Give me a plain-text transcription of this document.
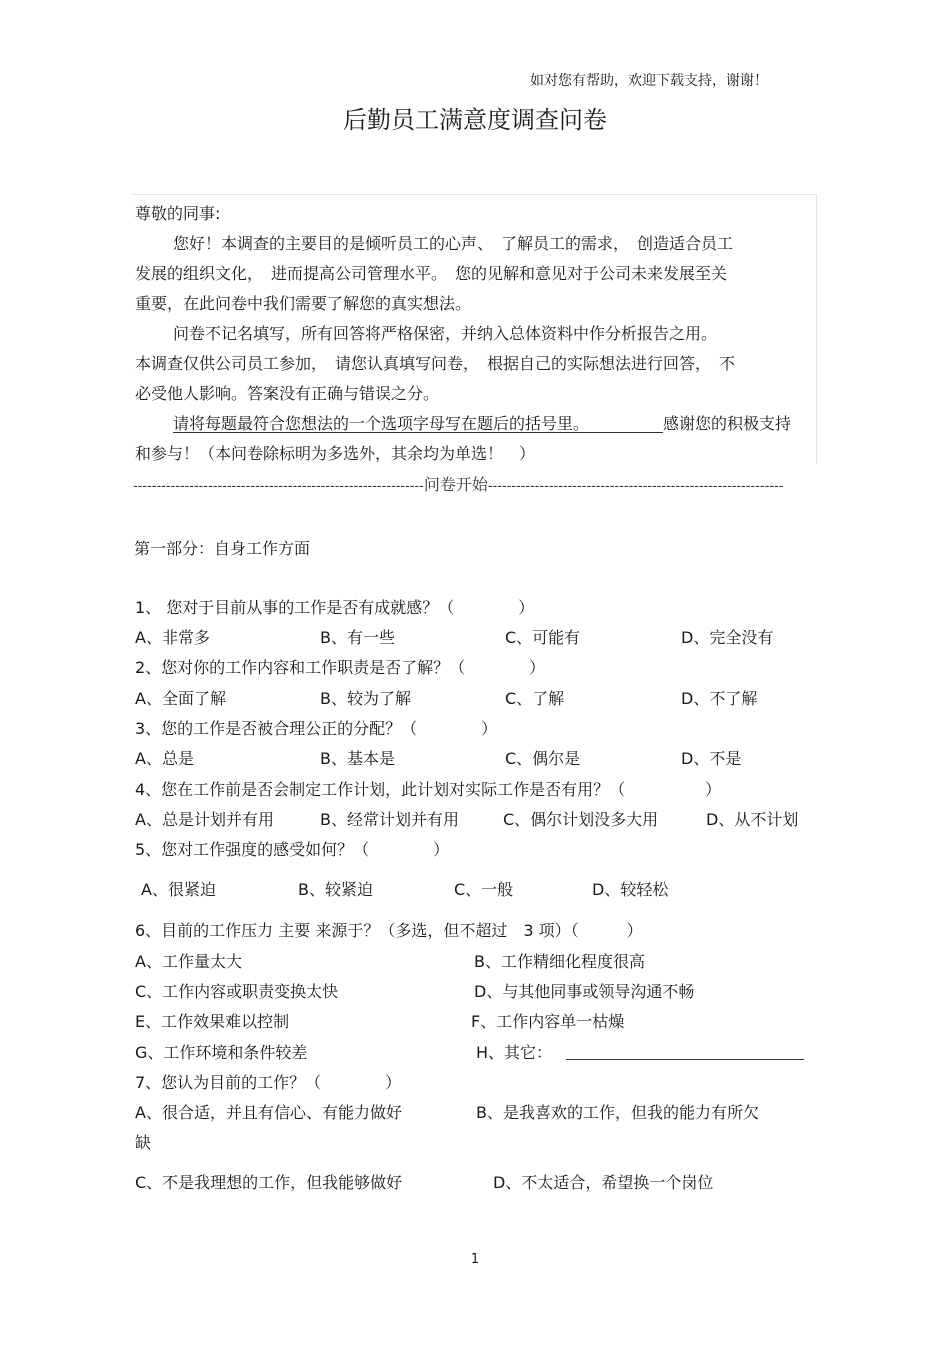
如对您有帮助，欢迎下载支持，谢谢！
后勤员工满意度调查问卷
尊敬的同事:
您好！本调查的主要目的是倾听员工的心声、　了解员工的需求，　创造适合员工
发展的组织文化，　进而提高公司管理水平。　您的见解和意见对于公司未来发展至关
重要，在此问卷中我们需要了解您的真实想法。
问卷不记名填写，所有回答将严格保密，并纳入总体资料中作分析报告之用。
本调查仅供公司员工参加，　请您认真填写问卷，　根据自己的实际想法进行回答，　不
必受他人影响。答案没有正确与错误之分。
请将每题最符合您想法的一个选项字母写在题后的括号里。	感谢您的积极支持
和参与！（本问卷除标明为多选外，其余均为单选！　）
--------------------------------------------------------------问卷开始---------------------------------------------------------------
第一部分：自身工作方面
1、 您对于目前从事的工作是否有成就感？（　　　　）
A、非常多	B、有一些	C、可能有	D、完全没有
2、您对你的工作内容和工作职责是否了解？（　　　　）
A、全面了解	B、较为了解	C、了解	D、不了解
3、您的工作是否被合理公正的分配？（　　　　）
A、总是	B、基本是	C、偶尔是	D、不是
4、您在工作前是否会制定工作计划，此计划对实际工作是否有用？（　　　　　）
A、总是计划并有用	B、经常计划并有用	C、偶尔计划没多大用	D、从不计划
5、您对工作强度的感受如何？（　　　　）
A、很紧迫	B、较紧迫	C、一般	D、较轻松
6、目前的工作压力 主要 来源于？（多选，但不超过　3 项）（　　　）
A、工作量太大	B、工作精细化程度很高
C、工作内容或职责变换太快	D、与其他同事或领导沟通不畅
E、工作效果难以控制	F、工作内容单一枯燥
G、工作环境和条件较差	H、其它：
7、您认为目前的工作？（　　　　）
A、很合适，并且有信心、有能力做好	B、是我喜欢的工作，但我的能力有所欠
缺
C、不是我理想的工作，但我能够做好	D、不太适合，希望换一个岗位
1
